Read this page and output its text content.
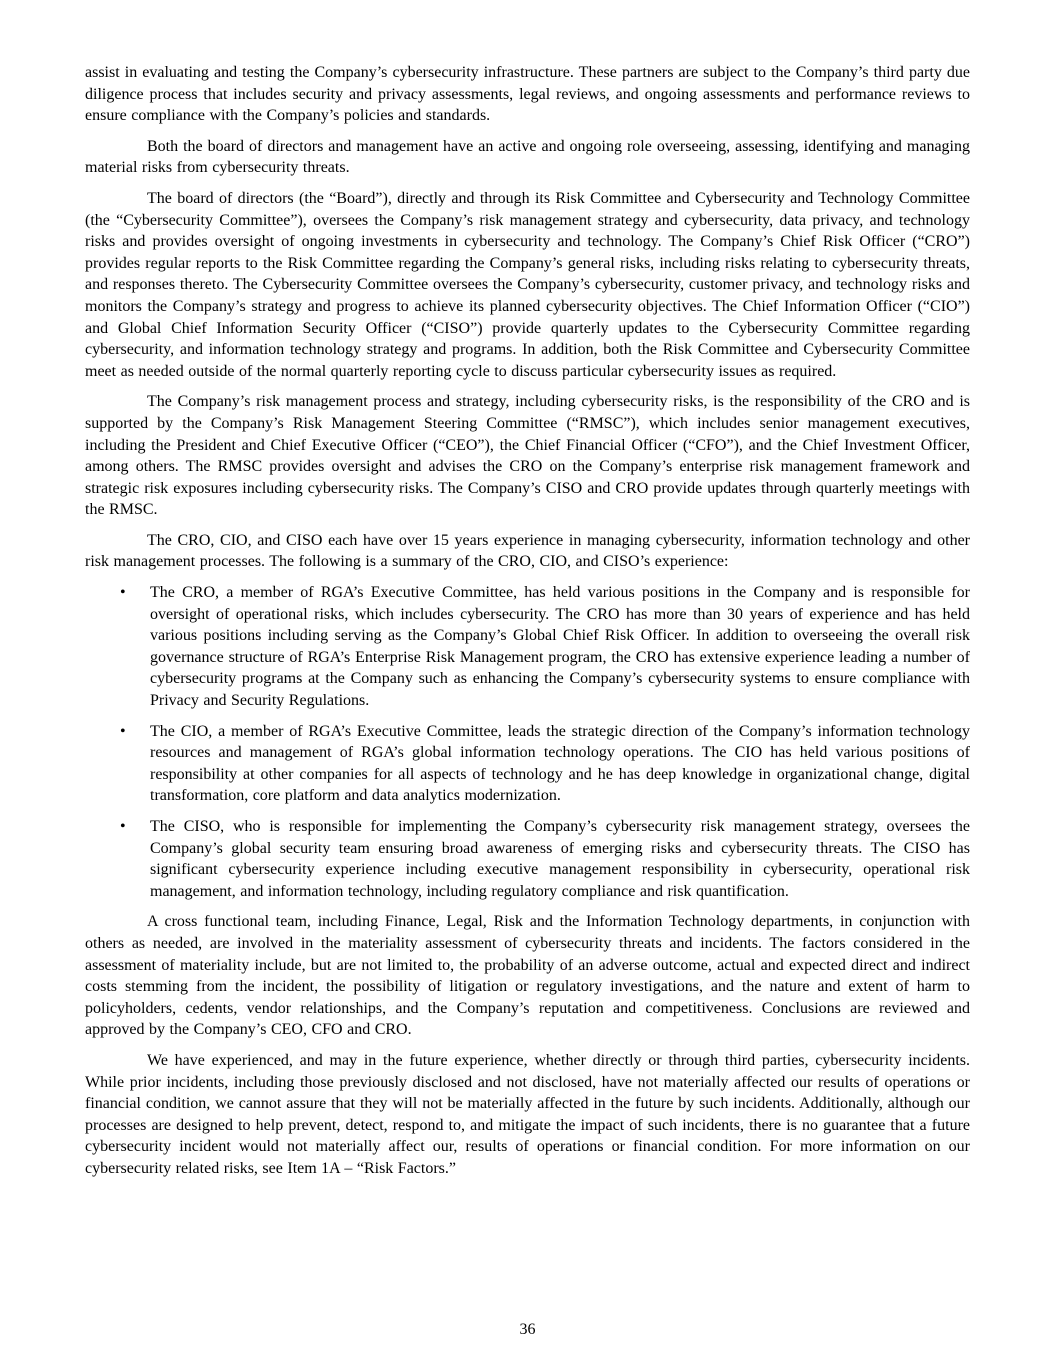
assist in evaluating and testing the Company’s cybersecurity infrastructure. These partners are subject to the Company’s third party due diligence process that includes security and privacy assessments, legal reviews, and ongoing assessments and performance reviews to ensure compliance with the Company’s policies and standards.

Both the board of directors and management have an active and ongoing role overseeing, assessing, identifying and managing material risks from cybersecurity threats.

The board of directors (the “Board”), directly and through its Risk Committee and Cybersecurity and Technology Committee (the “Cybersecurity Committee”), oversees the Company’s risk management strategy and cybersecurity, data privacy, and technology risks and provides oversight of ongoing investments in cybersecurity and technology. The Company’s Chief Risk Officer (“CRO”) provides regular reports to the Risk Committee regarding the Company’s general risks, including risks relating to cybersecurity threats, and responses thereto. The Cybersecurity Committee oversees the Company’s cybersecurity, customer privacy, and technology risks and monitors the Company’s strategy and progress to achieve its planned cybersecurity objectives. The Chief Information Officer (“CIO”) and Global Chief Information Security Officer (“CISO”) provide quarterly updates to the Cybersecurity Committee regarding cybersecurity, and information technology strategy and programs. In addition, both the Risk Committee and Cybersecurity Committee meet as needed outside of the normal quarterly reporting cycle to discuss particular cybersecurity issues as required.

The Company’s risk management process and strategy, including cybersecurity risks, is the responsibility of the CRO and is supported by the Company’s Risk Management Steering Committee (“RMSC”), which includes senior management executives, including the President and Chief Executive Officer (“CEO”), the Chief Financial Officer (“CFO”), and the Chief Investment Officer, among others. The RMSC provides oversight and advises the CRO on the Company’s enterprise risk management framework and strategic risk exposures including cybersecurity risks. The Company’s CISO and CRO provide updates through quarterly meetings with the RMSC.

The CRO, CIO, and CISO each have over 15 years experience in managing cybersecurity, information technology and other risk management processes. The following is a summary of the CRO, CIO, and CISO’s experience:

•	The CRO, a member of RGA’s Executive Committee, has held various positions in the Company and is responsible for oversight of operational risks, which includes cybersecurity. The CRO has more than 30 years of experience and has held various positions including serving as the Company’s Global Chief Risk Officer. In addition to overseeing the overall risk governance structure of RGA’s Enterprise Risk Management program, the CRO has extensive experience leading a number of cybersecurity programs at the Company such as enhancing the Company’s cybersecurity systems to ensure compliance with Privacy and Security Regulations.
•	The CIO, a member of RGA’s Executive Committee, leads the strategic direction of the Company’s information technology resources and management of RGA’s global information technology operations. The CIO has held various positions of responsibility at other companies for all aspects of technology and he has deep knowledge in organizational change, digital transformation, core platform and data analytics modernization.
•	The CISO, who is responsible for implementing the Company’s cybersecurity risk management strategy, oversees the Company’s global security team ensuring broad awareness of emerging risks and cybersecurity threats. The CISO has significant cybersecurity experience including executive management responsibility in cybersecurity, operational risk management, and information technology, including regulatory compliance and risk quantification.

A cross functional team, including Finance, Legal, Risk and the Information Technology departments, in conjunction with others as needed, are involved in the materiality assessment of cybersecurity threats and incidents. The factors considered in the assessment of materiality include, but are not limited to, the probability of an adverse outcome, actual and expected direct and indirect costs stemming from the incident, the possibility of litigation or regulatory investigations, and the nature and extent of harm to policyholders, cedents, vendor relationships, and the Company’s reputation and competitiveness. Conclusions are reviewed and approved by the Company’s CEO, CFO and CRO.

We have experienced, and may in the future experience, whether directly or through third parties, cybersecurity incidents. While prior incidents, including those previously disclosed and not disclosed, have not materially affected our results of operations or financial condition, we cannot assure that they will not be materially affected in the future by such incidents. Additionally, although our processes are designed to help prevent, detect, respond to, and mitigate the impact of such incidents, there is no guarantee that a future cybersecurity incident would not materially affect our, results of operations or financial condition. For more information on our cybersecurity related risks, see Item 1A – “Risk Factors.”

36
